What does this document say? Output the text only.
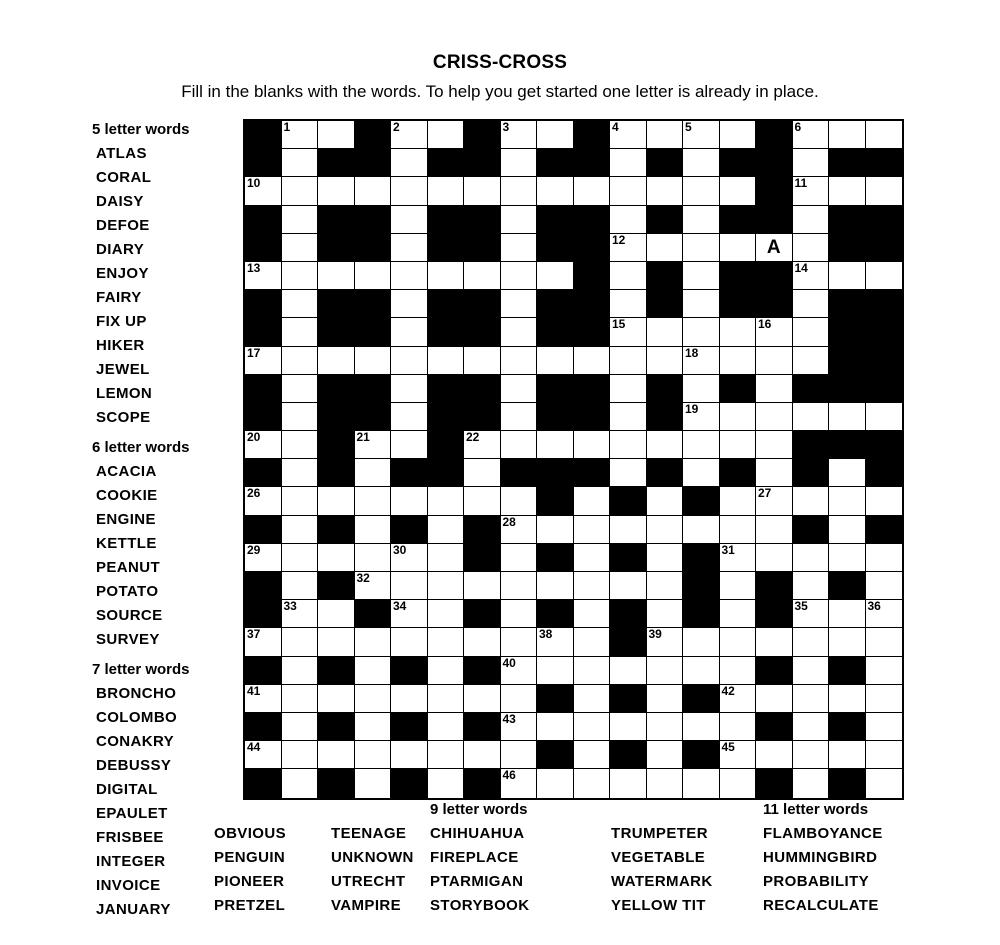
CRISS-CROSS
Fill in the blanks with the words. To help you get started one letter is already in place.
5 letter words
ATLAS
CORAL
DAISY
DEFOE
DIARY
ENJOY
FAIRY
FIX UP
HIKER
JEWEL
LEMON
SCOPE
6 letter words
ACACIA
COOKIE
ENGINE
KETTLE
PEANUT
POTATO
SOURCE
SURVEY
7 letter words
BRONCHO
COLOMBO
CONAKRY
DEBUSSY
DIGITAL
EPAULET
FRISBEE
INTEGER
INVOICE
JANUARY
1	2	3	4	5	6
10	11
12	A
13	14
15	16
17	18
19
20	21	22
26	27
28
29	30	31
32
33	34	35	36
37	38	39
40
41	42
43
44	45
46
OBVIOUS
PENGUIN
PIONEER
PRETZEL
TEENAGE
UNKNOWN
UTRECHT
VAMPIRE
9 letter words
CHIHUAHUA
FIREPLACE
PTARMIGAN
STORYBOOK
TRUMPETER
VEGETABLE
WATERMARK
YELLOW TIT
11 letter words
FLAMBOYANCE
HUMMINGBIRD
PROBABILITY
RECALCULATE
